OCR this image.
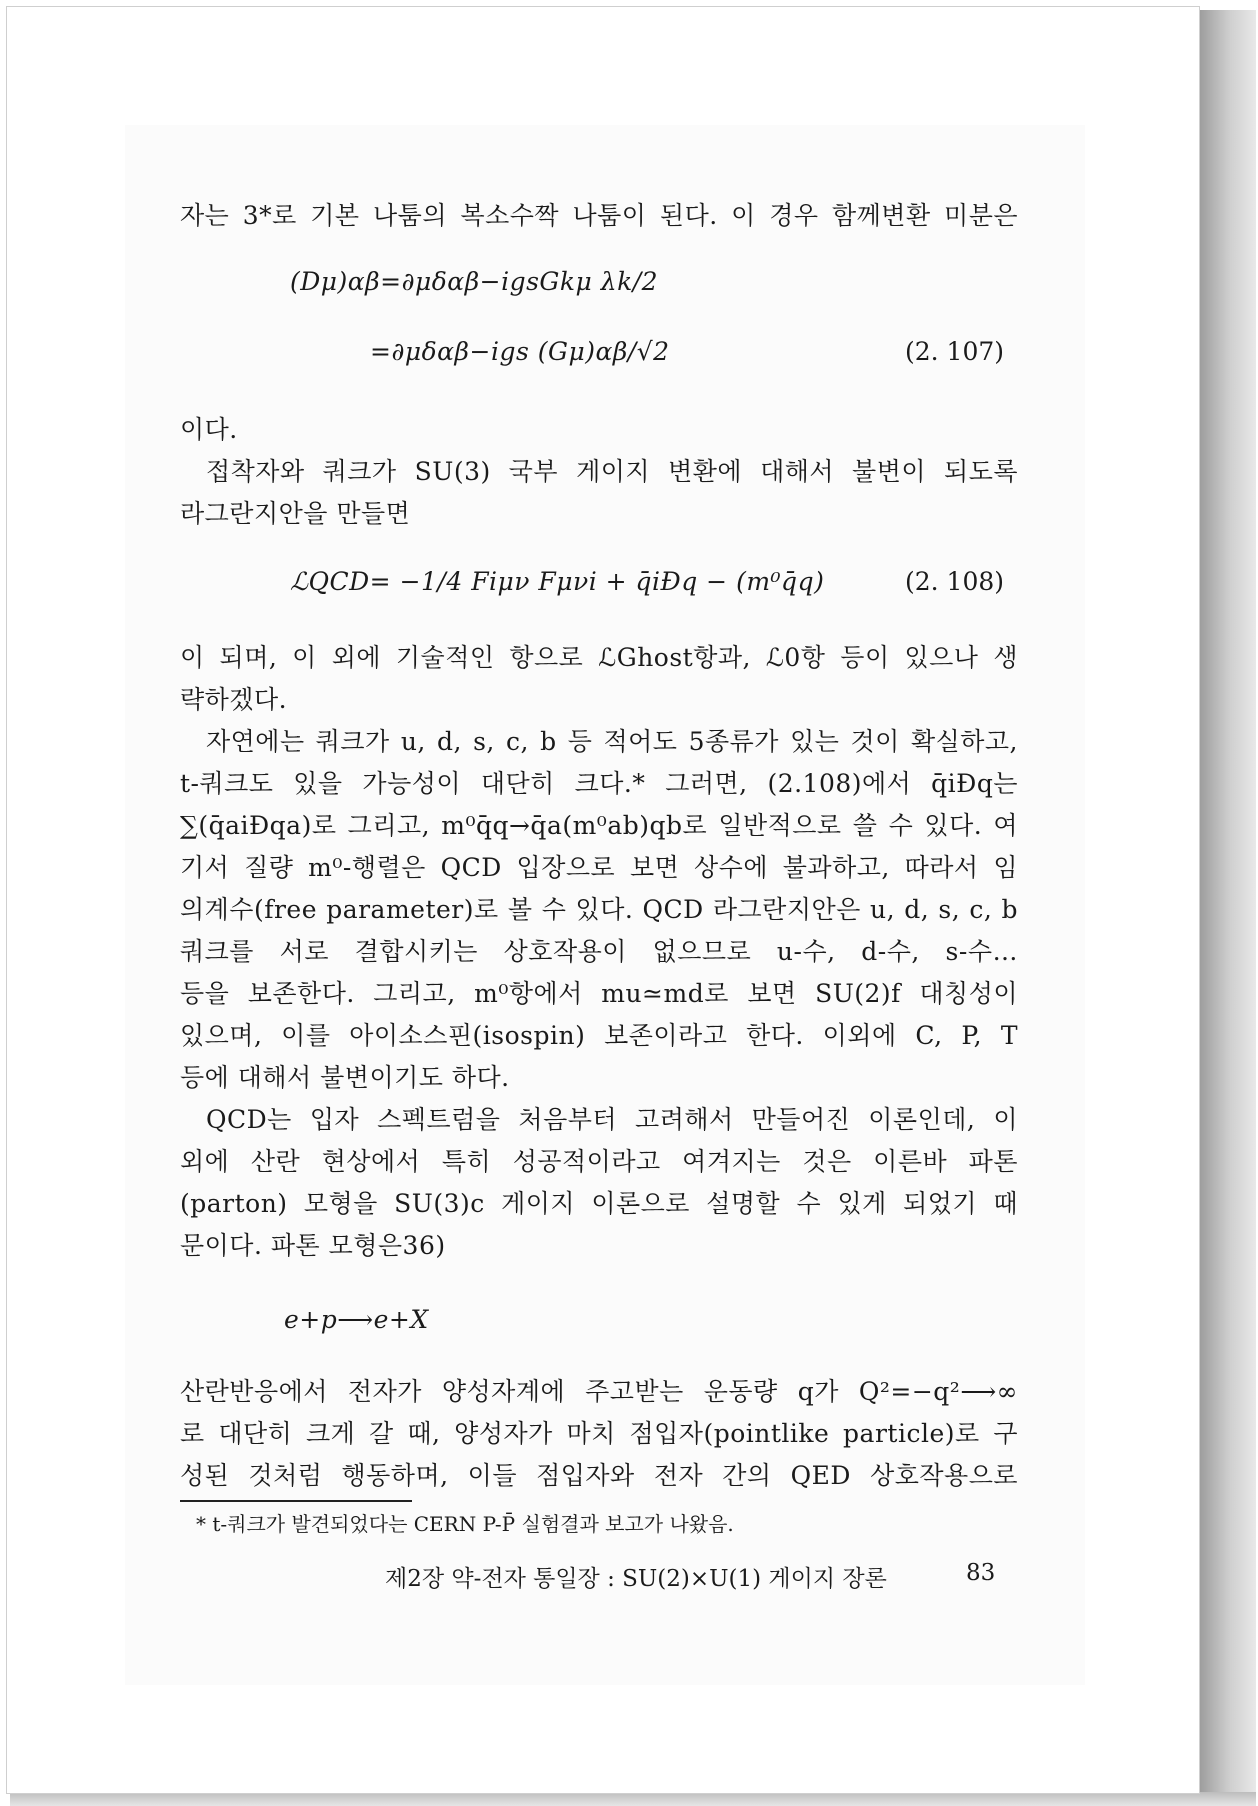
자는 3*로 기본 나툼의 복소수짝 나툼이 된다. 이 경우 함께변환 미분은
(Dμ)αβ=∂μδαβ−igsGkμ λk/2
=∂μδαβ−igs (Gμ)αβ/√2	(2. 107)
이다.
접착자와 쿼크가 SU(3) 국부 게이지 변환에 대해서 불변이 되도록
라그란지안을 만들면
ℒQCD= −1/4 Fiμν Fμνi + q̄iÐq − (m⁰q̄q)	(2. 108)
이 되며, 이 외에 기술적인 항으로 ℒGhost항과, ℒ0항 등이 있으나 생
략하겠다.
자연에는 쿼크가 u, d, s, c, b 등 적어도 5종류가 있는 것이 확실하고,
t-쿼크도 있을 가능성이 대단히 크다.* 그러면, (2.108)에서 q̄iÐq는
∑(q̄aiÐqa)로 그리고, m⁰q̄q→q̄a(m⁰ab)qb로 일반적으로 쓸 수 있다. 여
기서 질량 m⁰-행렬은 QCD 입장으로 보면 상수에 불과하고, 따라서 임
의계수(free parameter)로 볼 수 있다. QCD 라그란지안은 u, d, s, c, b
쿼크를 서로 결합시키는 상호작용이 없으므로 u-수, d-수, s-수…
등을 보존한다. 그리고, m⁰항에서 mu≃md로 보면 SU(2)f 대칭성이
있으며, 이를 아이소스핀(isospin) 보존이라고 한다. 이외에 C, P, T
등에 대해서 불변이기도 하다.
QCD는 입자 스펙트럼을 처음부터 고려해서 만들어진 이론인데, 이
외에 산란 현상에서 특히 성공적이라고 여겨지는 것은 이른바 파톤
(parton) 모형을 SU(3)c 게이지 이론으로 설명할 수 있게 되었기 때
문이다. 파톤 모형은36)
e+p⟶e+X
산란반응에서 전자가 양성자계에 주고받는 운동량 q가 Q²=−q²⟶∞
로 대단히 크게 갈 때, 양성자가 마치 점입자(pointlike particle)로 구
성된 것처럼 행동하며, 이들 점입자와 전자 간의 QED 상호작용으로
* t-쿼크가 발견되었다는 CERN P-P̄ 실험결과 보고가 나왔음.
제2장 약-전자 통일장 : SU(2)×U(1) 게이지 장론	83
